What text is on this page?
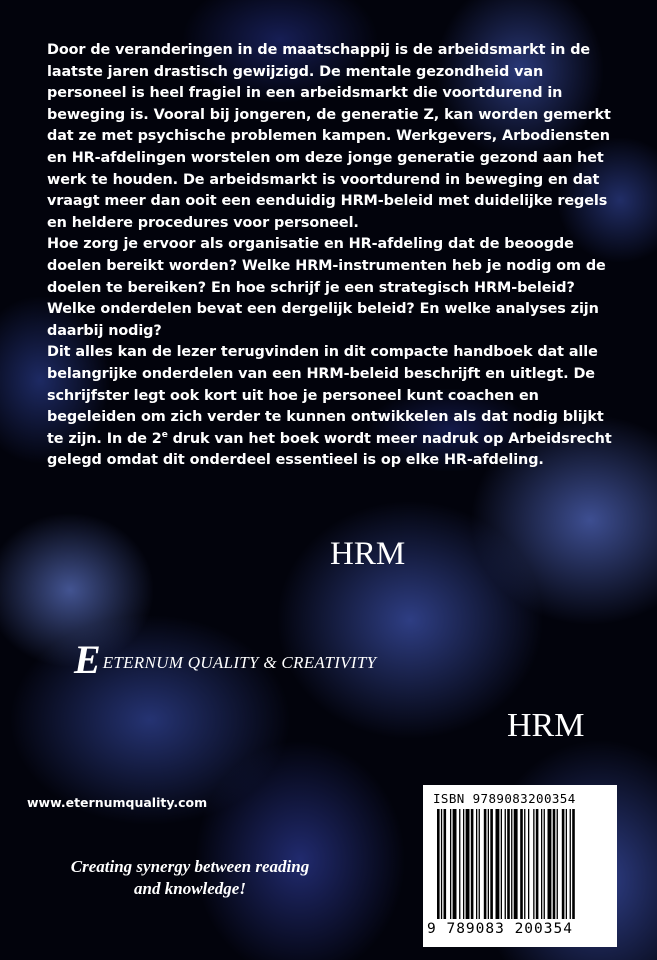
Door de veranderingen in de maatschappij is de arbeidsmarkt in de laatste jaren drastisch gewijzigd. De mentale gezondheid van personeel is heel fragiel in een arbeidsmarkt die voortdurend in beweging is. Vooral bij jongeren, de generatie Z, kan worden gemerkt dat ze met psychische problemen kampen. Werkgevers, Arbodiensten en HR-afdelingen worstelen om deze jonge generatie gezond aan het werk te houden. De arbeidsmarkt is voortdurend in beweging en dat vraagt meer dan ooit een eenduidig HRM-beleid met duidelijke regels en heldere procedures voor personeel.

Hoe zorg je ervoor als organisatie en HR-afdeling dat de beoogde doelen bereikt worden? Welke HRM-instrumenten heb je nodig om de doelen te bereiken? En hoe schrijf je een strategisch HRM-beleid? Welke onderdelen bevat een dergelijk beleid? En welke analyses zijn daarbij nodig?

Dit alles kan de lezer terugvinden in dit compacte handboek dat alle belangrijke onderdelen van een HRM-beleid beschrijft en uitlegt. De schrijfster legt ook kort uit hoe je personeel kunt coachen en begeleiden om zich verder te kunnen ontwikkelen als dat nodig blijkt te zijn. In de 2e druk van het boek wordt meer nadruk op Arbeidsrecht gelegd omdat dit onderdeel essentieel is op elke HR-afdeling.

HRM
E ETERNUM QUALITY & CREATIVITY
HRM
www.eternumquality.com
Creating synergy between reading and knowledge!
ISBN 9789083200354
9 789083 200354
